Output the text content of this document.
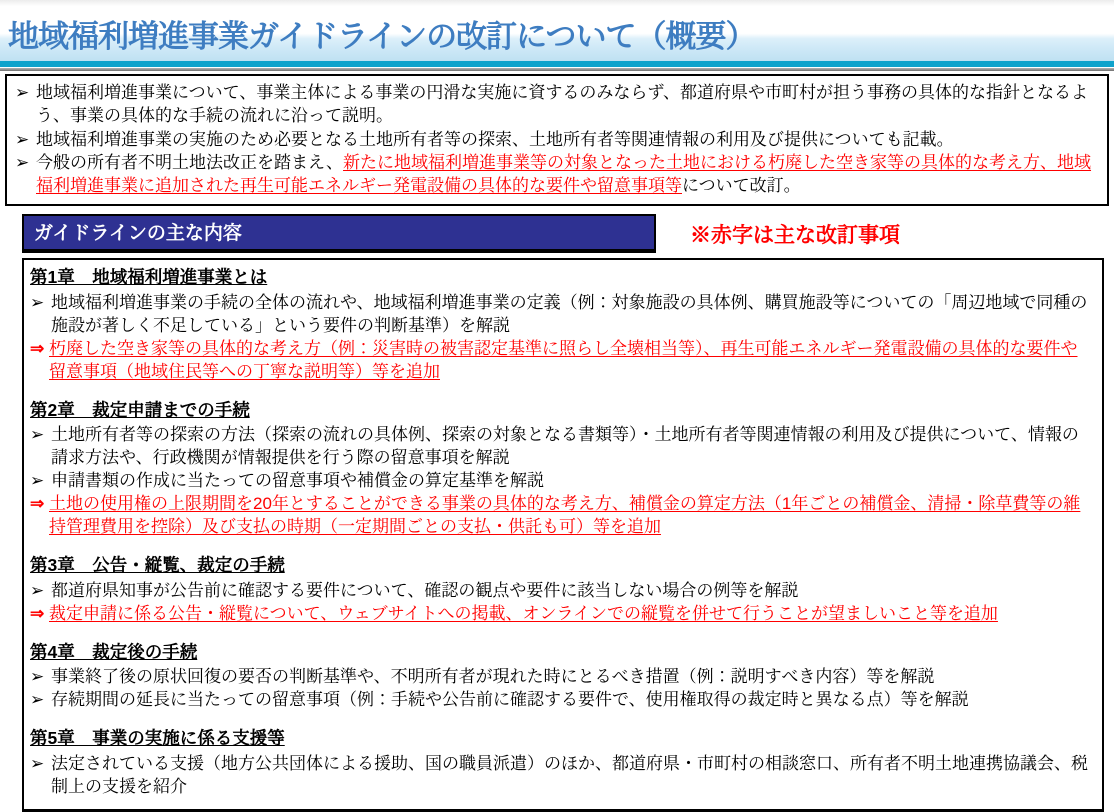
地域福利増進事業ガイドラインの改訂について（概要）
➢ 地域福利増進事業について、事業主体による事業の円滑な実施に資するのみならず、都道府県や市町村が担う事務の具体的な指針となるよう、事業の具体的な手続の流れに沿って説明。
➢ 地域福利増進事業の実施のため必要となる土地所有者等の探索、土地所有者等関連情報の利用及び提供についても記載。
➢ 今般の所有者不明土地法改正を踏まえ、新たに地域福利増進事業等の対象となった土地における朽廃した空き家等の具体的な考え方、地域福利増進事業に追加された再生可能エネルギー発電設備の具体的な要件や留意事項等について改訂。
ガイドラインの主な内容	※赤字は主な改訂事項
第1章　地域福利増進事業とは
➢ 地域福利増進事業の手続の全体の流れや、地域福利増進事業の定義（例：対象施設の具体例、購買施設等についての「周辺地域で同種の施設が著しく不足している」という要件の判断基準）を解説
⇒ 朽廃した空き家等の具体的な考え方（例：災害時の被害認定基準に照らし全壊相当等）、再生可能エネルギー発電設備の具体的な要件や留意事項（地域住民等への丁寧な説明等）等を追加
第2章　裁定申請までの手続
➢ 土地所有者等の探索の方法（探索の流れの具体例、探索の対象となる書類等）・土地所有者等関連情報の利用及び提供について、情報の請求方法や、行政機関が情報提供を行う際の留意事項を解説
➢ 申請書類の作成に当たっての留意事項や補償金の算定基準を解説
⇒ 土地の使用権の上限期間を20年とすることができる事業の具体的な考え方、補償金の算定方法（1年ごとの補償金、清掃・除草費等の維持管理費用を控除）及び支払の時期（一定期間ごとの支払・供託も可）等を追加
第3章　公告・縦覧、裁定の手続
➢ 都道府県知事が公告前に確認する要件について、確認の観点や要件に該当しない場合の例等を解説
⇒ 裁定申請に係る公告・縦覧について、ウェブサイトへの掲載、オンラインでの縦覧を併せて行うことが望ましいこと等を追加
第4章　裁定後の手続
➢ 事業終了後の原状回復の要否の判断基準や、不明所有者が現れた時にとるべき措置（例：説明すべき内容）等を解説
➢ 存続期間の延長に当たっての留意事項（例：手続や公告前に確認する要件で、使用権取得の裁定時と異なる点）等を解説
第5章　事業の実施に係る支援等
➢ 法定されている支援（地方公共団体による援助、国の職員派遣）のほか、都道府県・市町村の相談窓口、所有者不明土地連携協議会、税制上の支援を紹介
